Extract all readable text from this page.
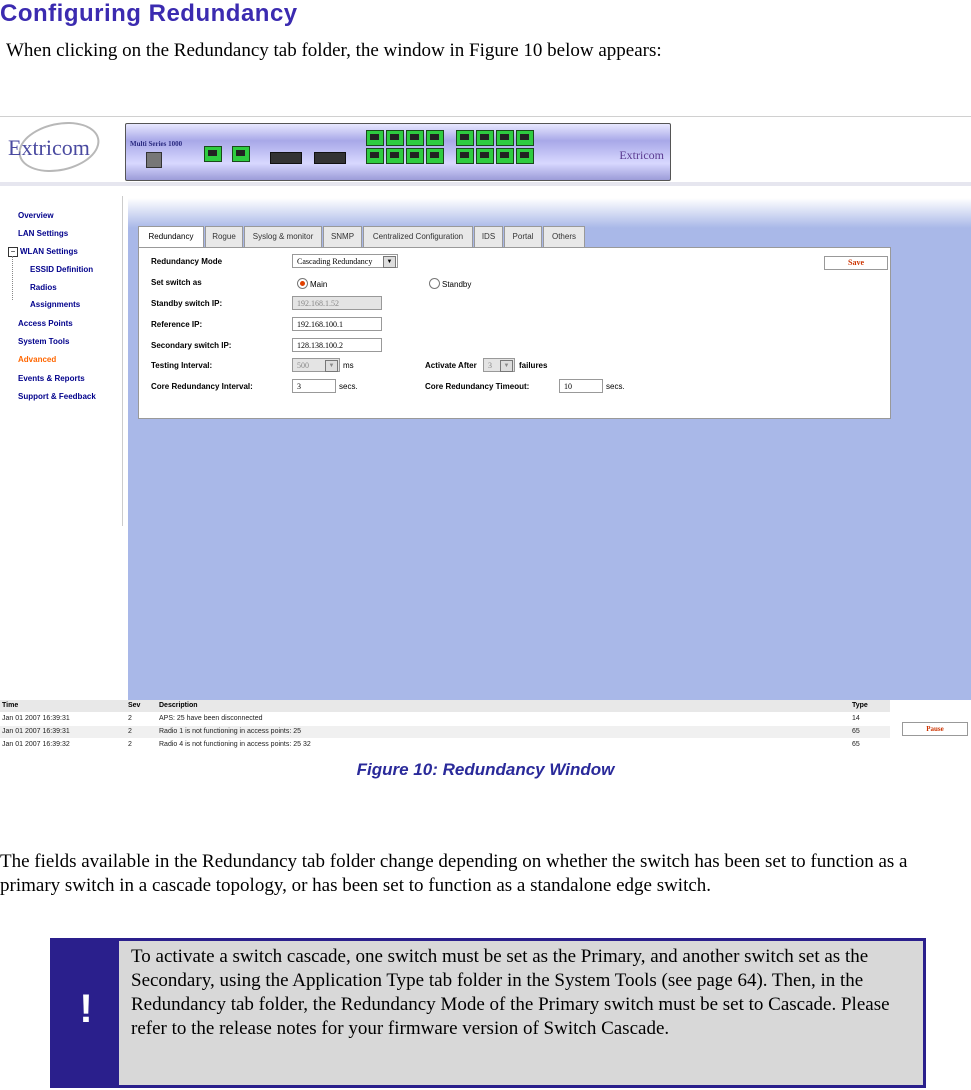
Configuring Redundancy
When clicking on the Redundancy tab folder, the window in Figure 10 below appears:
Extricom	Multi Series 1000
Extricom
Overview
LAN Settings
− WLAN Settings
ESSID Definition
Radios
Assignments
Access Points
System Tools
Advanced
Events & Reports
Support & Feedback
Redundancy	Rogue	Syslog & monitor	SNMP	Centralized Configuration	IDS	Portal	Others
Save
Redundancy Mode	Cascading Redundancy	▼
Set switch as	Main	Standby
Standby switch IP:	192.168.1.52
Reference IP:	192.168.100.1
Secondary switch IP:	128.138.100.2
Testing Interval:	500	▼	ms	Activate After	3	▼	failures
Core Redundancy Interval:	3	secs.	Core Redundancy Timeout:	10	secs.
Time	Sev	Description	Type
Jan 01 2007 16:39:31	2	APS: 25 have been disconnected	14
Jan 01 2007 16:39:31	2	Radio 1 is not functioning in access points: 25	65
Jan 01 2007 16:39:32	2	Radio 4 is not functioning in access points: 25 32	65
Pause
Figure 10: Redundancy Window
The fields available in the Redundancy tab folder change depending on whether the switch has been set to function as a primary switch in a cascade topology, or has been set to function as a standalone edge switch.
!
To activate a switch cascade, one switch must be set as the Primary, and another switch set as the Secondary, using the Application Type tab folder in the System Tools (see page 64). Then, in the Redundancy tab folder, the Redundancy Mode of the Primary switch must be set to Cascade. Please refer to the release notes for your firmware version of Switch Cascade.
